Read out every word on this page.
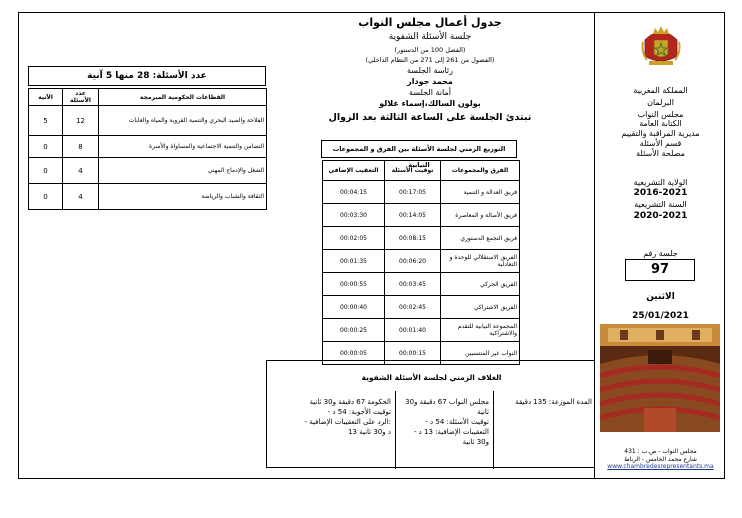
المملكة المغربية
البرلمان
مجلس النواب
الكتابة العامة
مديرية المراقبة والتقييم
قسم الأسئلة
مصلحة الأسئلة
الولاية التشريعية
2016-2021
السنة التشريعية
2020-2021
جلسة رقم
97
الاثنين
25/01/2021
مجلس النواب - ص.ب : 431
شارع محمد الخامس - الرباط
www.chambredesrepresentants.ma
جدول أعمال مجلس النواب
جلسة الأسئلة الشفوية
(الفصل 100 من الدستور)
(الفصول من 261 إلى 271 من النظام الداخلي)
رئاسة الجلسة
محمد جودار
أمانة الجلسة
بولون السالك،إسماء غلالو
تبتدئ الجلسة على الساعة الثالثة بعد الزوال
التوزيع الزمني لجلسة الأسئلة بين الفرق و المجموعات النيابية
التعقيب الإضافي	توقيت الأسئلة	الفرق والمجموعات
00:04:15	00:17:05	فريق العدالة و التنمية
00:03:30	00:14:05	فريق الأصالة و المعاصرة
00:02:05	00:08:15	فريق التجمع الدستوري
00:01:35	00:06:20	الفريق الاستقلالي للوحدة و التعادلية
00:00:55	00:03:45	الفريق الحركي
00:00:40	00:02:45	الفريق الاشتراكي
00:00:25	00:01:40	المجموعة النيابية للتقدم والاشتراكية
00:00:05	00:00:15	النواب غير المنتسبين
الغلاف الزمني لجلسة الأسئلة الشفوية
الحكومة 67 دقيقة و30 ثانية
- توقيت الأجوبة: 54 د
- الرد على التعقيبات الإضافية:
13 د و30 ثانية
المدة الموزعة: 135 دقيقة
مجلس النواب 67 دقيقة و30 ثانية
- توقيت الأسئلة: 54 د
- التعقيبات الإضافية: 13 د
و30 ثانية
عدد الأسئلة: 28 منها 5 آنية
الآنية	عدد الأسئلة	القطاعات الحكومية المبرمجة
5	12	الفلاحة والصيد البحري والتنمية القروية والمياه والغابات
0	8	التضامن والتنمية الاجتماعية والمساواة والأسرة
0	4	الشغل والإدماج المهني
0	4	الثقافة والشباب والرياضة
